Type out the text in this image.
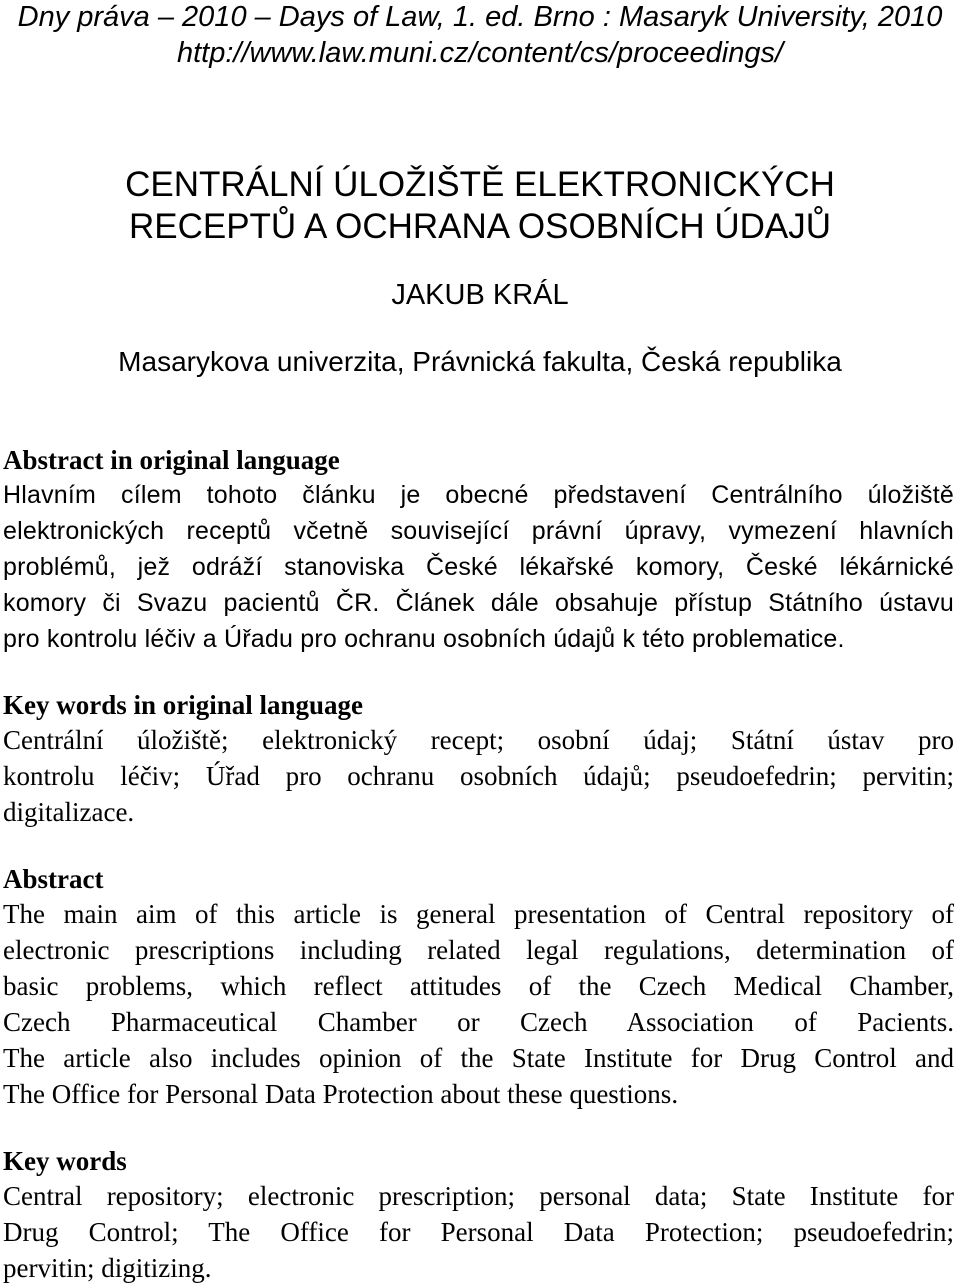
Dny práva – 2010 – Days of Law, 1. ed. Brno : Masaryk University, 2010
http://www.law.muni.cz/content/cs/proceedings/
CENTRÁLNÍ ÚLOŽIŠTĚ ELEKTRONICKÝCH
RECEPTŮ A OCHRANA OSOBNÍCH ÚDAJŮ
JAKUB KRÁL
Masarykova univerzita, Právnická fakulta, Česká republika
Abstract in original language
Hlavním cílem tohoto článku je obecné představení Centrálního úložiště
elektronických receptů včetně související právní úpravy, vymezení hlavních
problémů, jež odráží stanoviska České lékařské komory, České lékárnické
komory či Svazu pacientů ČR. Článek dále obsahuje přístup Státního ústavu
pro kontrolu léčiv a Úřadu pro ochranu osobních údajů k této problematice.
Key words in original language
Centrální úložiště; elektronický recept; osobní údaj; Státní ústav pro
kontrolu léčiv; Úřad pro ochranu osobních údajů; pseudoefedrin; pervitin;
digitalizace.
Abstract
The main aim of this article is general presentation of Central repository of
electronic prescriptions including related legal regulations, determination of
basic problems, which reflect attitudes of the Czech Medical Chamber,
Czech Pharmaceutical Chamber or Czech Association of Pacients.
The article also includes opinion of the State Institute for Drug Control and
The Office for Personal Data Protection about these questions.
Key words
Central repository; electronic prescription; personal data; State Institute for
Drug Control; The Office for Personal Data Protection; pseudoefedrin;
pervitin; digitizing.
